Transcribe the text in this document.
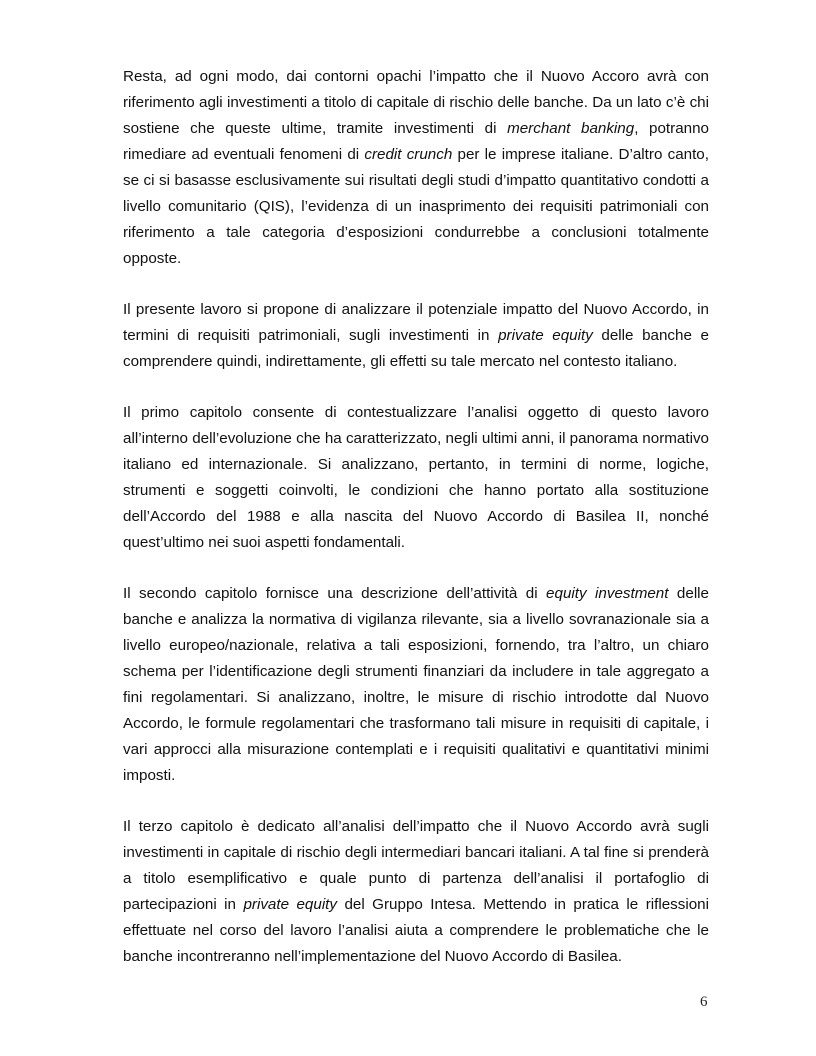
Resta, ad ogni modo, dai contorni opachi l’impatto che il Nuovo Accoro avrà con riferimento agli investimenti a titolo di capitale di rischio delle banche. Da un lato c’è chi sostiene che queste ultime, tramite investimenti di merchant banking, potranno rimediare ad eventuali fenomeni di credit crunch per le imprese italiane. D’altro canto, se ci si basasse esclusivamente sui risultati degli studi d’impatto quantitativo condotti a livello comunitario (QIS), l’evidenza di un inasprimento dei requisiti patrimoniali con riferimento a tale categoria d’esposizioni condurrebbe a conclusioni totalmente opposte.

Il presente lavoro si propone di analizzare il potenziale impatto del Nuovo Accordo, in termini di requisiti patrimoniali, sugli investimenti in private equity delle banche e comprendere quindi, indirettamente, gli effetti su tale mercato nel contesto italiano.

Il primo capitolo consente di contestualizzare l’analisi oggetto di questo lavoro all’interno dell’evoluzione che ha caratterizzato, negli ultimi anni, il panorama normativo italiano ed internazionale. Si analizzano, pertanto, in termini di norme, logiche, strumenti e soggetti coinvolti, le condizioni che hanno portato alla sostituzione dell’Accordo del 1988 e alla nascita del Nuovo Accordo di Basilea II, nonché quest’ultimo nei suoi aspetti fondamentali.

Il secondo capitolo fornisce una descrizione dell’attività di equity investment delle banche e analizza la normativa di vigilanza rilevante, sia a livello sovranazionale sia a livello europeo/nazionale, relativa a tali esposizioni, fornendo, tra l’altro, un chiaro schema per l’identificazione degli strumenti finanziari da includere in tale aggregato a fini regolamentari. Si analizzano, inoltre, le misure di rischio introdotte dal Nuovo Accordo, le formule regolamentari che trasformano tali misure in requisiti di capitale, i vari approcci alla misurazione contemplati e i requisiti qualitativi e quantitativi minimi imposti.

Il terzo capitolo è dedicato all’analisi dell’impatto che il Nuovo Accordo avrà sugli investimenti in capitale di rischio degli intermediari bancari italiani. A tal fine si prenderà a titolo esemplificativo e quale punto di partenza dell’analisi il portafoglio di partecipazioni in private equity del Gruppo Intesa. Mettendo in pratica le riflessioni effettuate nel corso del lavoro l’analisi aiuta a comprendere le problematiche che le banche incontreranno nell’implementazione del Nuovo Accordo di Basilea.

6
